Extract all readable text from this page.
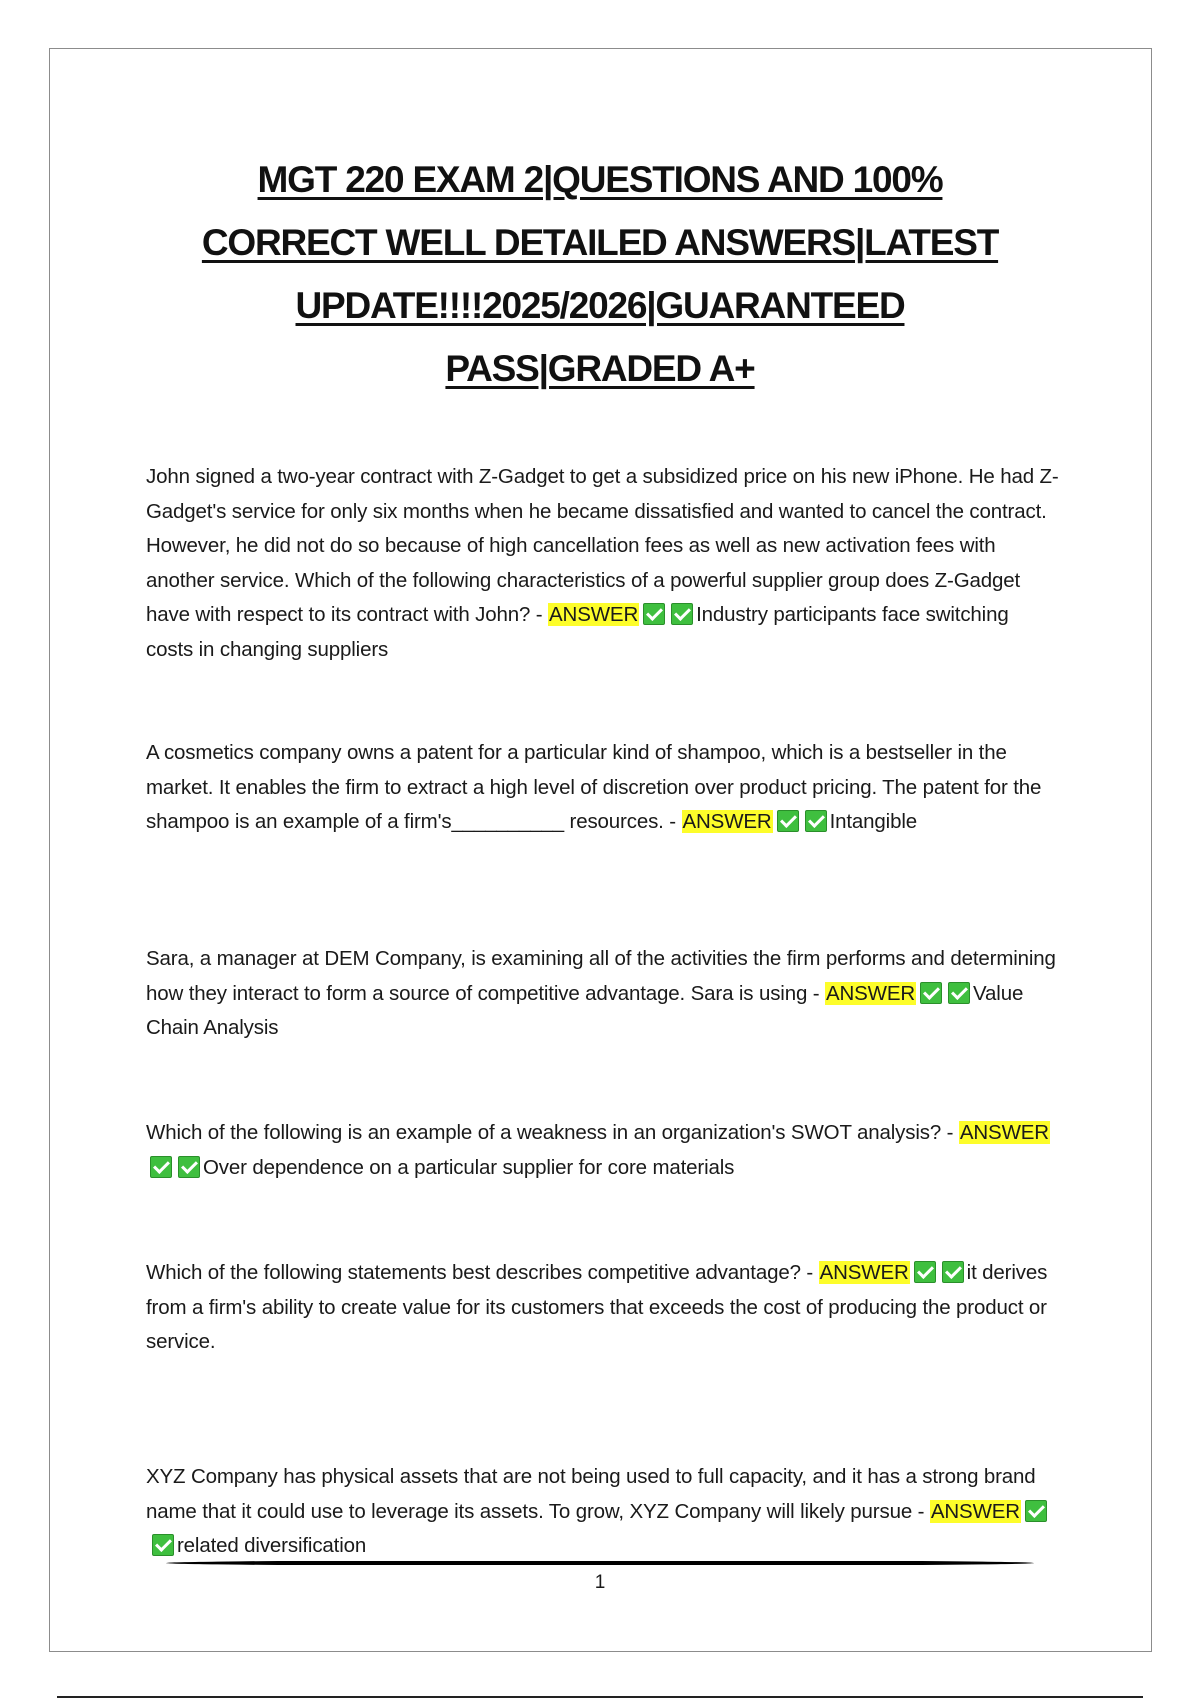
MGT 220 EXAM 2|QUESTIONS AND 100%
CORRECT WELL DETAILED ANSWERS|LATEST
UPDATE!!!!2025/2026|GUARANTEED
PASS|GRADED A+
John signed a two-year contract with Z-Gadget to get a subsidized price on his new iPhone. He had Z-Gadget's service for only six months when he became dissatisfied and wanted to cancel the contract. However, he did not do so because of high cancellation fees as well as new activation fees with another service. Which of the following characteristics of a powerful supplier group does Z-Gadget have with respect to its contract with John? - ANSWER	Industry participants face switching costs in changing suppliers
A cosmetics company owns a patent for a particular kind of shampoo, which is a bestseller in the market. It enables the firm to extract a high level of discretion over product pricing. The patent for the shampoo is an example of a firm's__________ resources. - ANSWER	Intangible
Sara, a manager at DEM Company, is examining all of the activities the firm performs and determining how they interact to form a source of competitive advantage. Sara is using - ANSWER	Value Chain Analysis
Which of the following is an example of a weakness in an organization's SWOT analysis? - ANSWEROver dependence on a particular supplier for core materials
Which of the following statements best describes competitive advantage? - ANSWER	it derives from a firm's ability to create value for its customers that exceeds the cost of producing the product or service.
XYZ Company has physical assets that are not being used to full capacity, and it has a strong brand name that it could use to leverage its assets. To grow, XYZ Company will likely pursue - ANSWERrelated diversification
1
